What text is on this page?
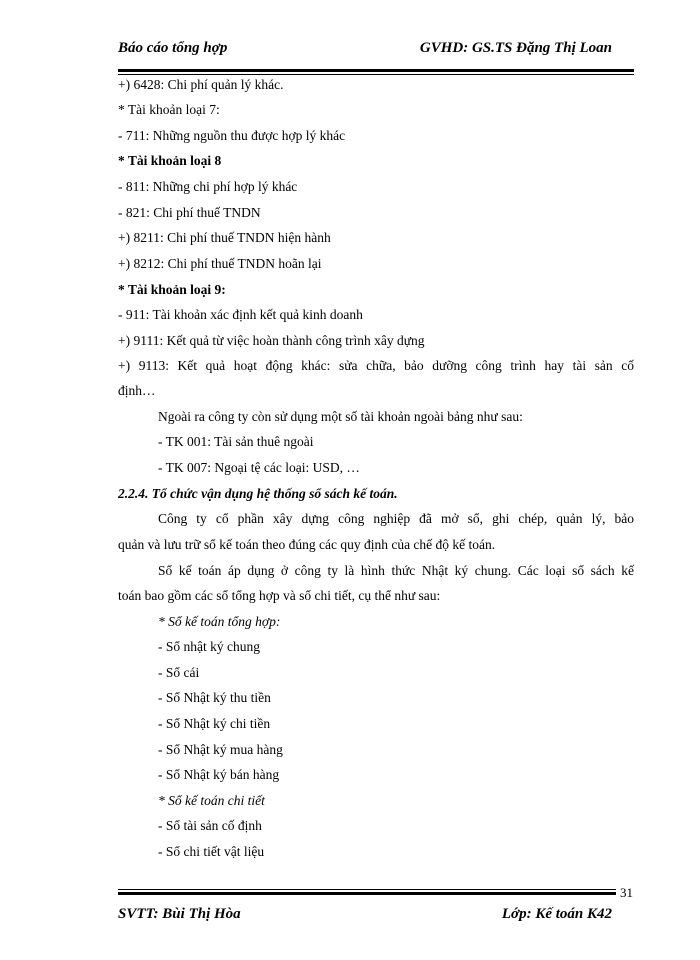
Báo cáo tổng hợp	GVHD: GS.TS Đặng Thị Loan
+) 6428: Chi phí quản lý khác.
* Tài khoản loại 7:
- 711: Những nguồn thu được hợp lý khác
* Tài khoản loại 8
- 811: Những chi phí hợp lý khác
- 821: Chi phí thuế TNDN
+) 8211: Chi phí thuế TNDN hiện hành
+) 8212: Chi phí thuế TNDN hoãn lại
* Tài khoản loại 9:
- 911: Tài khoản xác định kết quả kinh doanh
+) 9111: Kết quả từ việc hoàn thành công trình xây dựng
+) 9113: Kết quả hoạt động khác: sửa chữa, bảo dưỡng công trình hay tài sản cố
định…
Ngoài ra công ty còn sử dụng một số tài khoản ngoài bảng như sau:
- TK 001: Tài sản thuê ngoài
- TK 007: Ngoại tệ các loại: USD, …
2.2.4. Tổ chức vận dụng hệ thống sổ sách kế toán.
Công ty cổ phần xây dựng công nghiệp đã mở sổ, ghi chép, quản lý, bảo
quản và lưu trữ sổ kế toán theo đúng các quy định của chế độ kế toán.
Sổ kế toán áp dụng ở công ty là hình thức Nhật ký chung. Các loại sổ sách kế
toán bao gồm các sổ tổng hợp và sổ chi tiết, cụ thể như sau:
* Sổ kế toán tổng hợp:
- Sổ nhật ký chung
- Sổ cái
- Sổ Nhật ký thu tiền
- Sổ Nhật ký chi tiền
- Sổ Nhật ký mua hàng
- Sổ Nhật ký bán hàng
* Sổ kế toán chi tiết
- Sổ tài sản cố định
- Sổ chi tiết vật liệu
31
SVTT: Bùi Thị Hòa	Lớp: Kế toán K42
